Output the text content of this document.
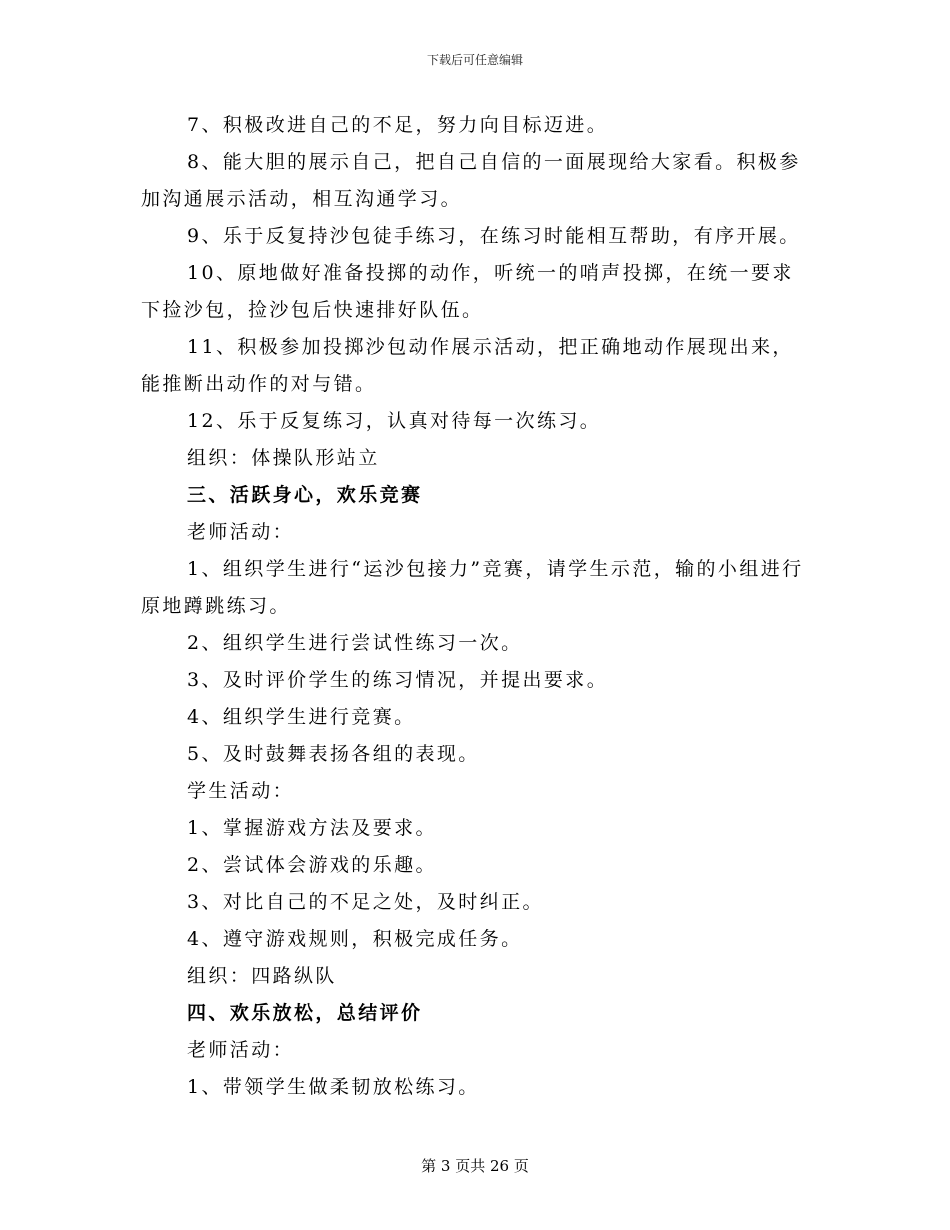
下载后可任意编辑

7、积极改进自己的不足，努力向目标迈进。

8、能大胆的展示自己，把自己自信的一面展现给大家看。积极参加沟通展示活动，相互沟通学习。

9、乐于反复持沙包徒手练习，在练习时能相互帮助，有序开展。

10、原地做好准备投掷的动作，听统一的哨声投掷，在统一要求下捡沙包，捡沙包后快速排好队伍。

11、积极参加投掷沙包动作展示活动，把正确地动作展现出来，能推断出动作的对与错。

12、乐于反复练习，认真对待每一次练习。

组织：体操队形站立

三、活跃身心，欢乐竞赛

老师活动：

1、组织学生进行“运沙包接力”竞赛，请学生示范，输的小组进行原地蹲跳练习。

2、组织学生进行尝试性练习一次。

3、及时评价学生的练习情况，并提出要求。

4、组织学生进行竞赛。

5、及时鼓舞表扬各组的表现。

学生活动：

1、掌握游戏方法及要求。

2、尝试体会游戏的乐趣。

3、对比自己的不足之处，及时纠正。

4、遵守游戏规则，积极完成任务。

组织：四路纵队

四、欢乐放松，总结评价

老师活动：

1、带领学生做柔韧放松练习。

第 3 页共 26 页
